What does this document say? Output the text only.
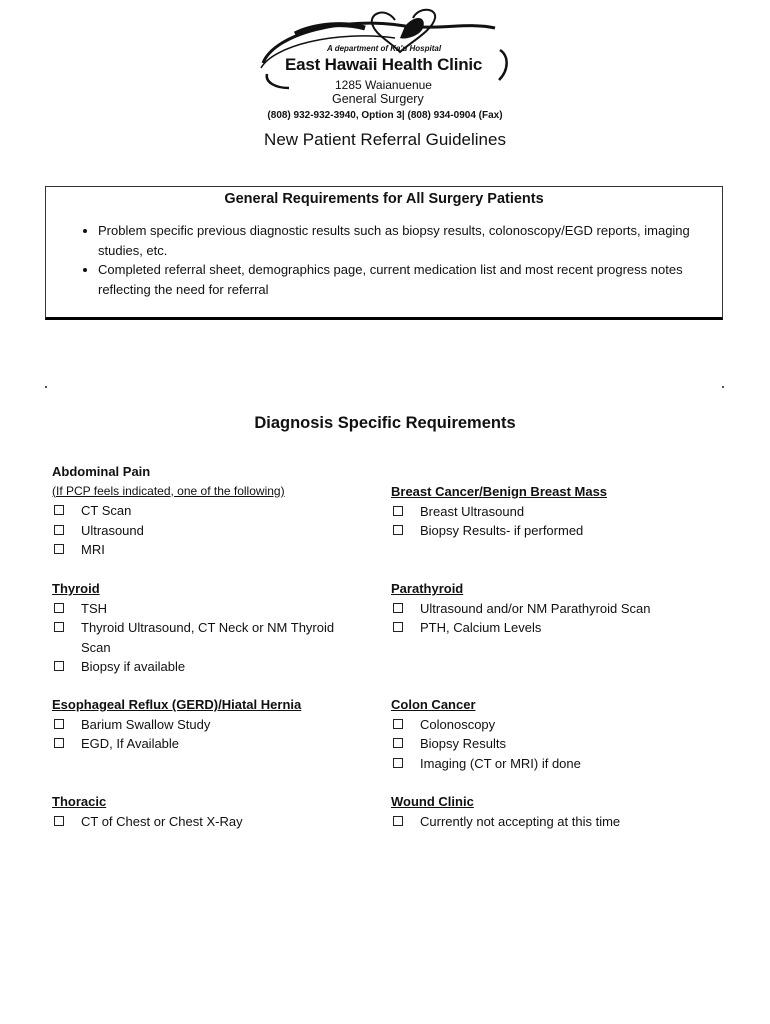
A department of Ka'u Hospital
East Hawaii Health Clinic
1285 Waianuenue
General Surgery
(808) 932-932-3940, Option 3| (808) 934-0904 (Fax)
New Patient Referral Guidelines
General Requirements for All Surgery Patients
• Problem specific previous diagnostic results such as biopsy results, colonoscopy/EGD reports, imaging studies, etc.
• Completed referral sheet, demographics page, current medication list and most recent progress notes reflecting the need for referral
Diagnosis Specific Requirements
Abdominal Pain
(If PCP feels indicated, one of the following)
CT Scan
Ultrasound
MRI
Breast Cancer/Benign Breast Mass
Breast Ultrasound
Biopsy Results- if performed
Thyroid
TSH
Thyroid Ultrasound, CT Neck or NM Thyroid
Scan
Biopsy if available
Parathyroid
Ultrasound and/or NM Parathyroid Scan
PTH, Calcium Levels
Esophageal Reflux (GERD)/Hiatal Hernia
Barium Swallow Study
EGD, If Available
Colon Cancer
Colonoscopy
Biopsy Results
Imaging (CT or MRI) if done
Thoracic
CT of Chest or Chest X-Ray
Wound Clinic
Currently not accepting at this time
